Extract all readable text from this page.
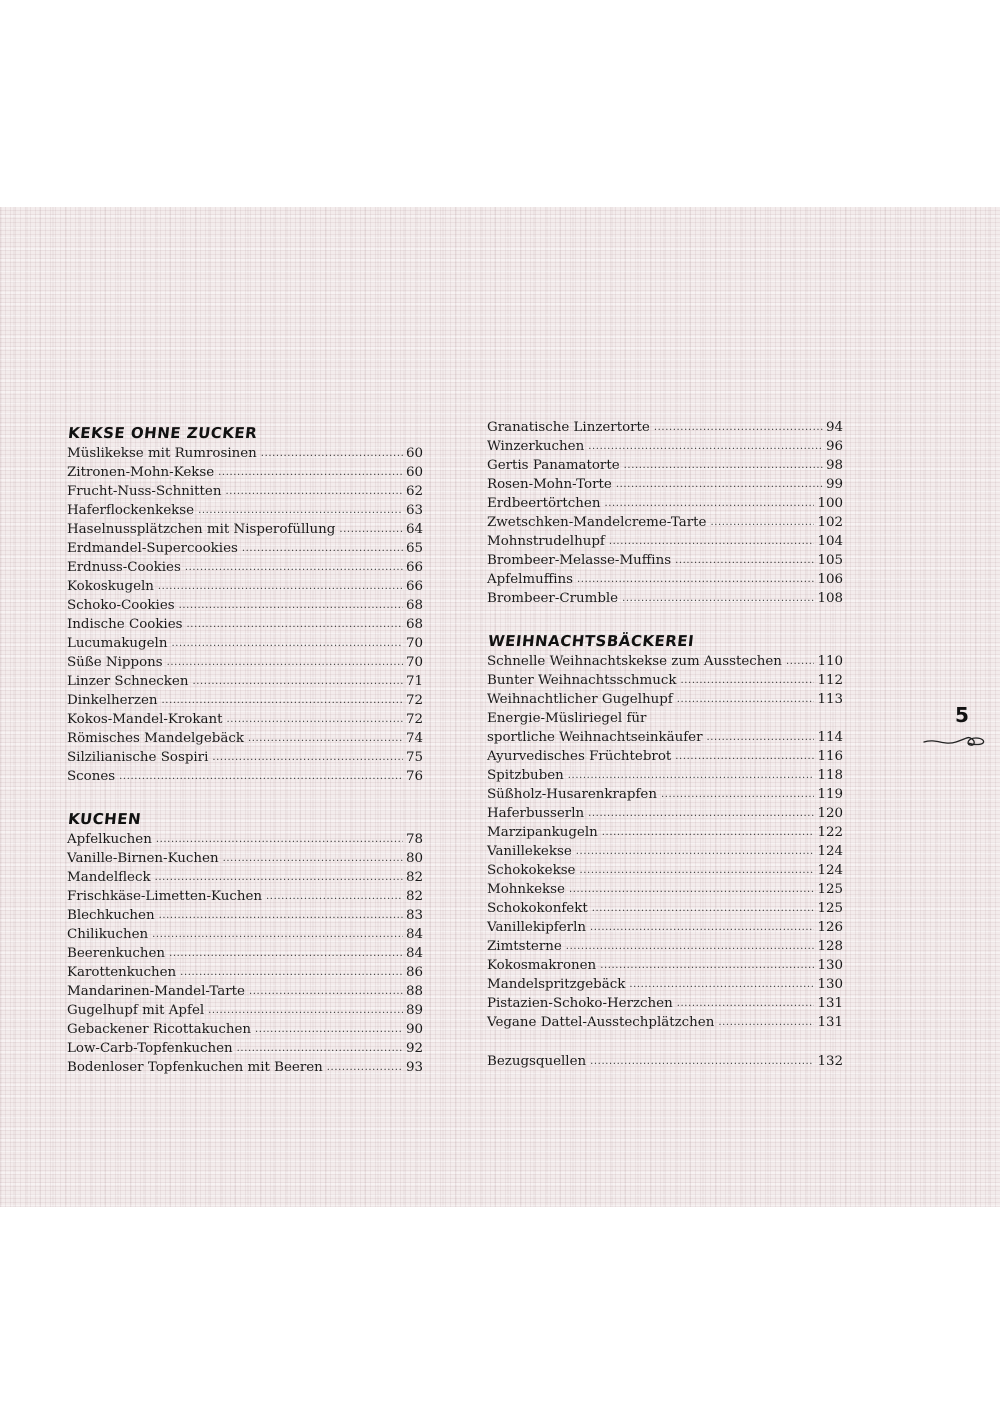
KEKSE OHNE ZUCKER
Müslikekse mit Rumrosinen .....	60
Zitronen-Mohn-Kekse .....	60
Frucht-Nuss-Schnitten .....	62
Haferflockenkekse .....	63
Haselnussplätzchen mit Nisperofüllung .....	64
Erdmandel-Supercookies .....	65
Erdnuss-Cookies .....	66
Kokoskugeln .....	66
Schoko-Cookies .....	68
Indische Cookies .....	68
Lucumakugeln .....	70
Süße Nippons .....	70
Linzer Schnecken .....	71
Dinkelherzen .....	72
Kokos-Mandel-Krokant .....	72
Römisches Mandelgebäck .....	74
Silzilianische Sospiri .....	75
Scones .....	76
KUCHEN
Apfelkuchen .....	78
Vanille-Birnen-Kuchen .....	80
Mandelfleck .....	82
Frischkäse-Limetten-Kuchen .....	82
Blechkuchen .....	83
Chilikuchen .....	84
Beerenkuchen .....	84
Karottenkuchen .....	86
Mandarinen-Mandel-Tarte .....	88
Gugelhupf mit Apfel .....	89
Gebackener Ricottakuchen .....	90
Low-Carb-Topfenkuchen .....	92
Bodenloser Topfenkuchen mit Beeren .....	93
Granatische Linzertorte .....	94
Winzerkuchen .....	96
Gertis Panamatorte .....	98
Rosen-Mohn-Torte .....	99
Erdbeertörtchen .....	100
Zwetschken-Mandelcreme-Tarte .....	102
Mohnstrudelhupf .....	104
Brombeer-Melasse-Muffins .....	105
Apfelmuffins .....	106
Brombeer-Crumble .....	108
WEIHNACHTSBÄCKEREI
Schnelle Weihnachtskekse zum Ausstechen .....	110
Bunter Weihnachtsschmuck .....	112
Weihnachtlicher Gugelhupf .....	113
Energie-Müsliriegel für
sportliche Weihnachtseinkäufer .....	114
Ayurvedisches Früchtebrot .....	116
Spitzbuben .....	118
Süßholz-Husarenkrapfen .....	119
Haferbusserln .....	120
Marzipankugeln .....	122
Vanillekekse .....	124
Schokokekse .....	124
Mohnkekse .....	125
Schokokonfekt .....	125
Vanillekipferln .....	126
Zimtsterne .....	128
Kokosmakronen .....	130
Mandelspritzgebäck .....	130
Pistazien-Schoko-Herzchen .....	131
Vegane Dattel-Ausstechplätzchen .....	131
Bezugsquellen .....	132
5
